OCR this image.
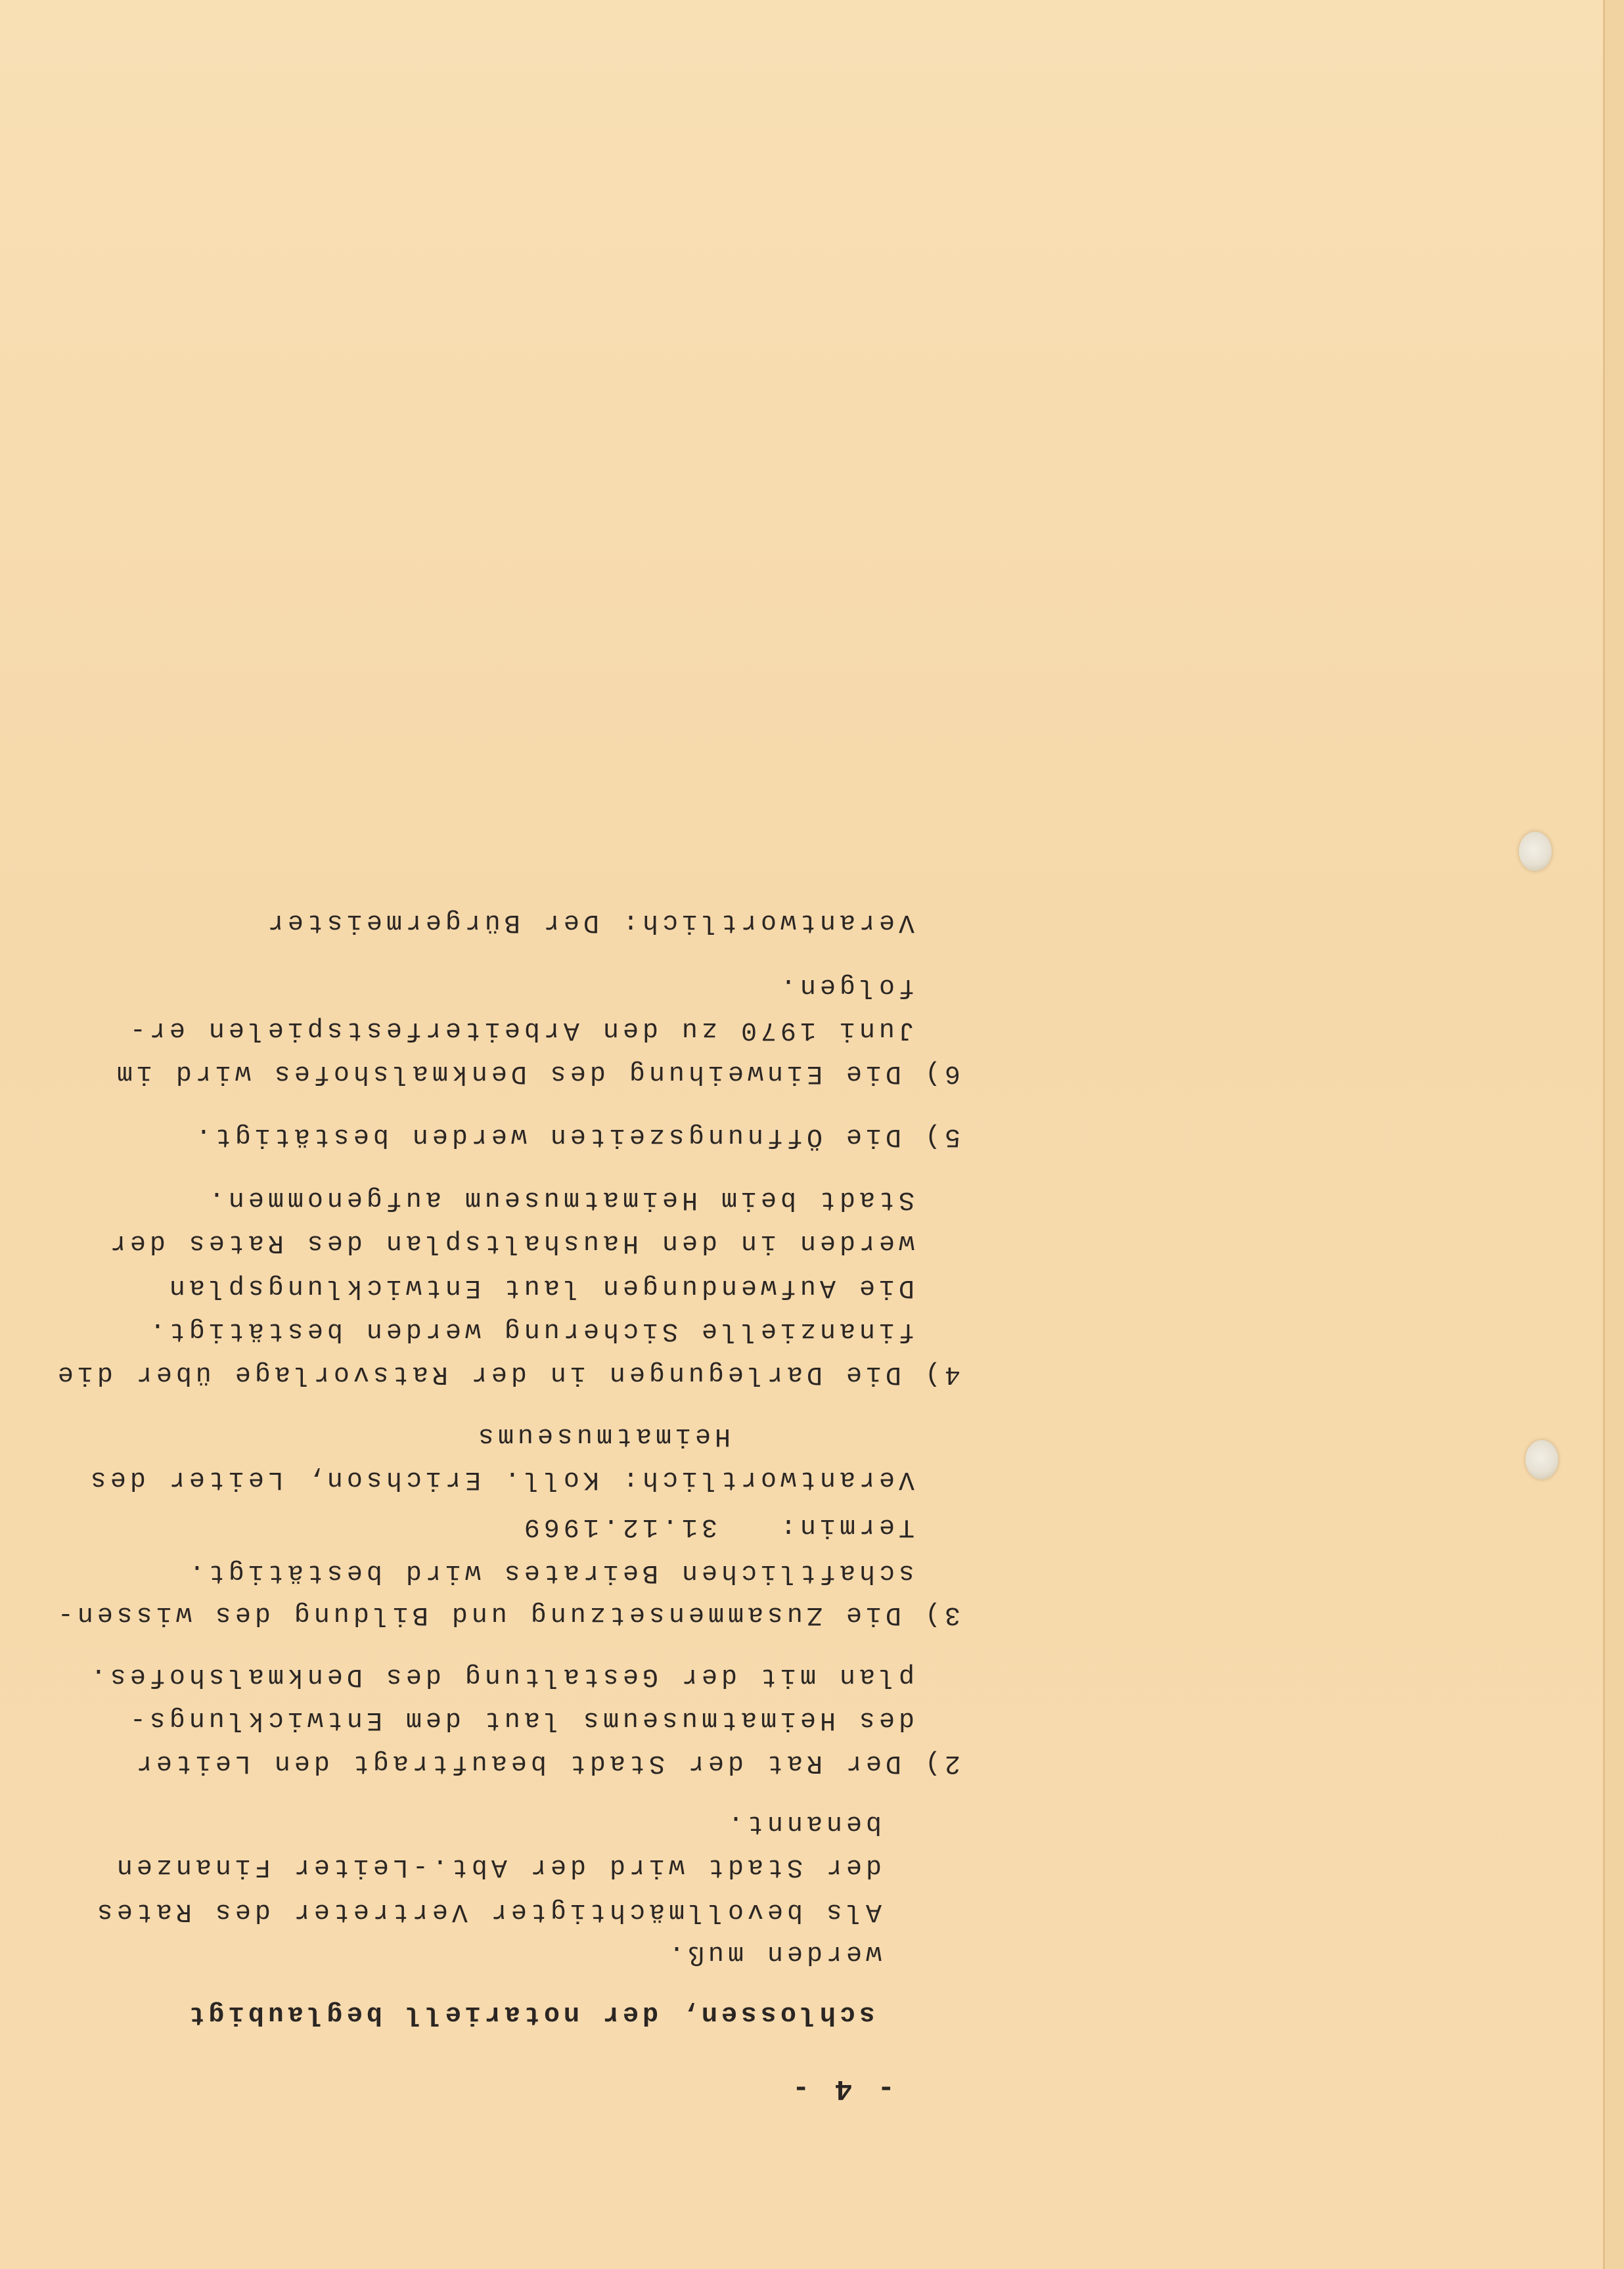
- 4 -
schlossen, der notariell beglaubigt
werden muß.
Als bevollmächtigter Vertreter des Rates
der Stadt wird der Abt.-Leiter Finanzen
benannt.
2) Der Rat der Stadt beauftragt den Leiter
des Heimatmuseums laut dem Entwicklungs-
plan mit der Gestaltung des Denkmalshofes.
3) Die Zusammensetzung und Bildung des wissen-
schaftlichen Beirates wird bestätigt.
Termin:   31.12.1969
Verantwortlich: Koll. Erichson, Leiter des
Heimatmuseums
4) Die Darlegungen in der Ratsvorlage über die
finanzielle Sicherung werden bestätigt.
Die Aufwendungen laut Entwicklungsplan
werden in den Haushaltsplan des Rates der
Stadt beim Heimatmuseum aufgenommen.
5) Die Öffnungszeiten werden bestätigt.
6) Die Einweihung des Denkmalshofes wird im
Juni 1970 zu den Arbeiterfestspielen er-
folgen.
Verantwortlich: Der Bürgermeister
